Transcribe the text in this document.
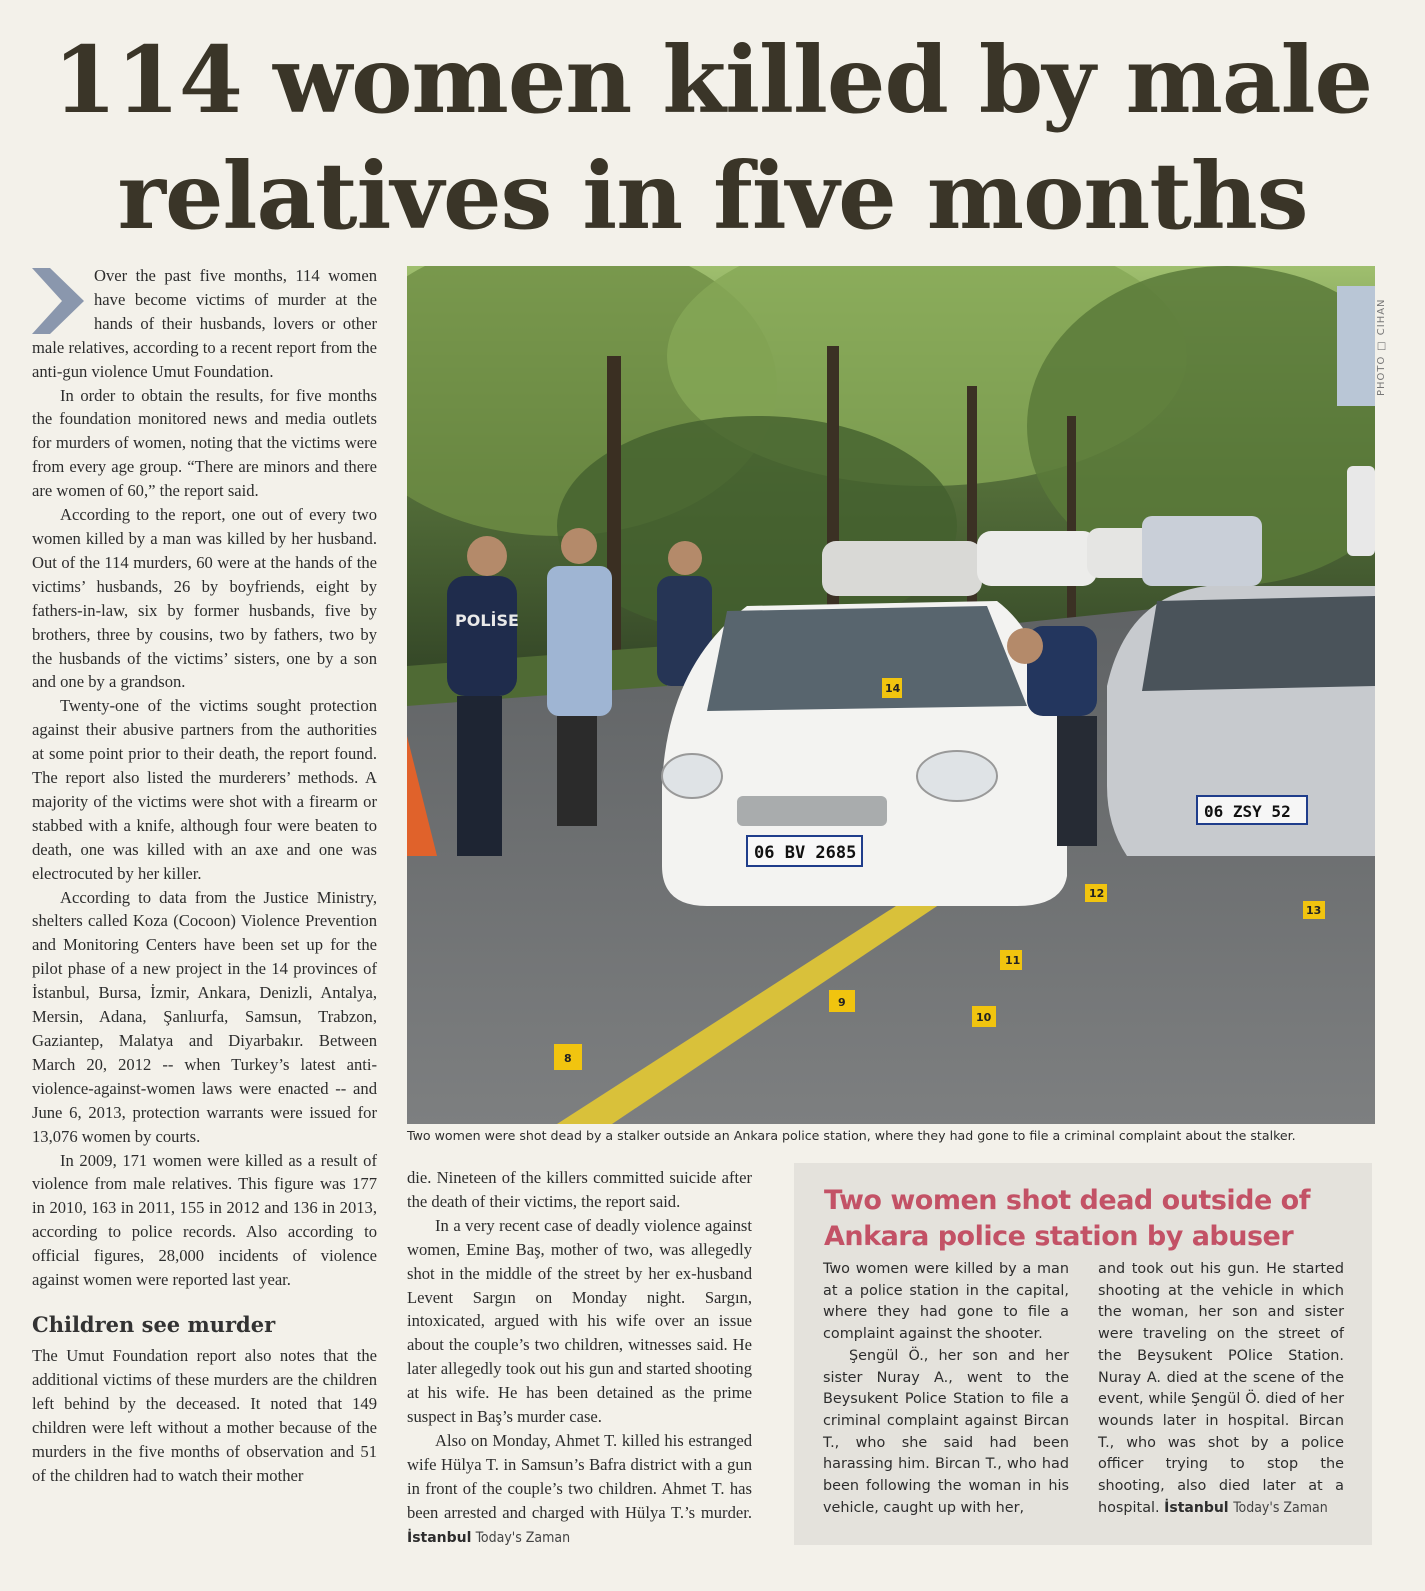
114 women killed by male
relatives in five months

Over the past five months, 114 women have become victims of murder at the hands of their husbands, lovers or other male relatives, according to a recent report from the anti-gun violence Umut Foundation.

In order to obtain the results, for five months the foundation monitored news and media outlets for murders of women, noting that the victims were from every age group. “There are minors and there are women of 60,” the report said.

According to the report, one out of every two women killed by a man was killed by her husband. Out of the 114 murders, 60 were at the hands of the victims’ husbands, 26 by boyfriends, eight by fathers-in-law, six by former husbands, five by brothers, three by cousins, two by fathers, two by the husbands of the victims’ sisters, one by a son and one by a grandson.

Twenty-one of the victims sought protection against their abusive partners from the authorities at some point prior to their death, the report found. The report also listed the murderers’ methods. A majority of the victims were shot with a firearm or stabbed with a knife, although four were beaten to death, one was killed with an axe and one was electrocuted by her killer.

According to data from the Justice Ministry, shelters called Koza (Cocoon) Violence Prevention and Monitoring Centers have been set up for the pilot phase of a new project in the 14 provinces of İstanbul, Bursa, İzmir, Ankara, Denizli, Antalya, Mersin, Adana, Şanlıurfa, Samsun, Trabzon, Gaziantep, Malatya and Diyarbakır. Between March 20, 2012 -- when Turkey’s latest anti-violence-against-women laws were enacted -- and June 6, 2013, protection warrants were issued for 13,076 women by courts.

In 2009, 171 women were killed as a result of violence from male relatives. This figure was 177 in 2010, 163 in 2011, 155 in 2012 and 136 in 2013, according to police records. Also according to official figures, 28,000 incidents of violence against women were reported last year.

Children see murder

The Umut Foundation report also notes that the additional victims of these murders are the children left behind by the deceased. It noted that 149 children were left without a mother because of the murders in the five months of observation and 51 of the children had to watch their mother

die. Nineteen of the killers committed suicide after the death of their victims, the report said.

In a very recent case of deadly violence against women, Emine Baş, mother of two, was allegedly shot in the middle of the street by her ex-husband Levent Sargın on Monday night. Sargın, intoxicated, argued with his wife over an issue about the couple’s two children, witnesses said. He later allegedly took out his gun and started shooting at his wife. He has been detained as the prime suspect in Baş’s murder case.

Also on Monday, Ahmet T. killed his estranged wife Hülya T. in Samsun’s Bafra district with a gun in front of the couple’s two children. Ahmet T. has been arrested and charged with Hülya T.’s murder. İstanbul Today's Zaman

POLİSE
06 BV 2685
06 ZSY 52
8
9
10
11
12
13
14
PHOTO □ CIHAN
Two women were shot dead by a stalker outside an Ankara police station, where they had gone to file a criminal complaint about the stalker.
Two women shot dead outside of Ankara police station by abuser

Two women were killed by a man at a police station in the capital, where they had gone to file a complaint against the shooter.

Şengül Ö., her son and her sister Nuray A., went to the Beysukent Police Station to file a criminal complaint against Bircan T., who she said had been harassing him. Bircan T., who had been following the woman in his vehicle, caught up with her,

and took out his gun. He started shooting at the vehicle in which the woman, her son and sister were traveling on the street of the Beysukent POlice Station. Nuray A. died at the scene of the event, while Şengül Ö. died of her wounds later in hospital. Bircan T., who was shot by a police officer trying to stop the shooting, also died later at a hospital. İstanbul Today's Zaman
